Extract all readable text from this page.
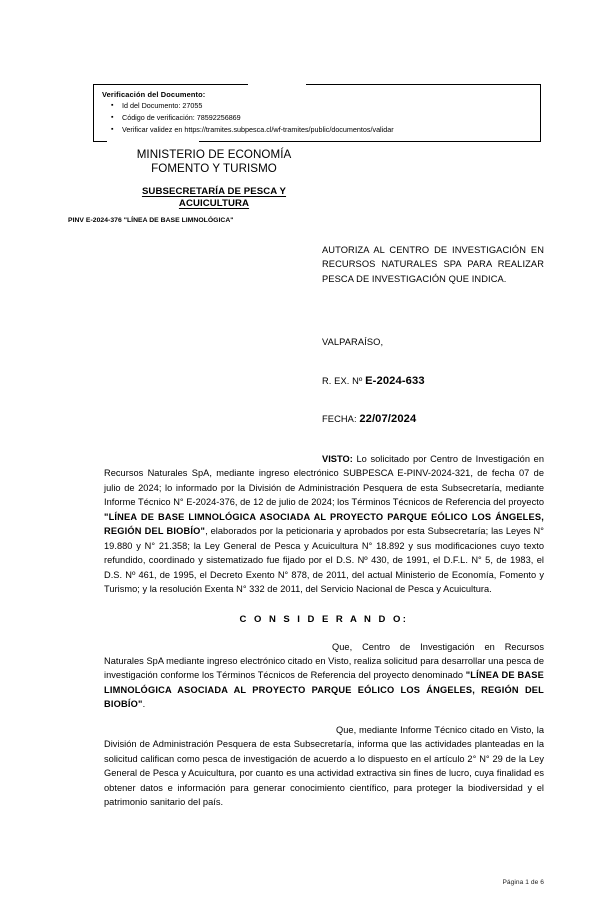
Verificación del Documento:
▪ Id del Documento: 27055
▪ Código de verificación: 78592256869
▪ Verificar validez en https://tramites.subpesca.cl/wf-tramites/public/documentos/validar
MINISTERIO DE ECONOMÍA
FOMENTO Y TURISMO
SUBSECRETARÍA DE PESCA Y
ACUICULTURA
PINV E-2024-376 "LÍNEA DE BASE LIMNOLÓGICA"
AUTORIZA AL CENTRO DE INVESTIGACIÓN EN RECURSOS NATURALES SPA PARA REALIZAR PESCA DE INVESTIGACIÓN QUE INDICA.
VALPARAÍSO,
R. EX. Nº E-2024-633
FECHA: 22/07/2024

VISTO: Lo solicitado por Centro de Investigación en Recursos Naturales SpA, mediante ingreso electrónico SUBPESCA E-PINV-2024-321, de fecha 07 de julio de 2024; lo informado por la División de Administración Pesquera de esta Subsecretaría, mediante Informe Técnico N° E-2024-376, de 12 de julio de 2024; los Términos Técnicos de Referencia del proyecto "LÍNEA DE BASE LIMNOLÓGICA ASOCIADA AL PROYECTO PARQUE EÓLICO LOS ÁNGELES, REGIÓN DEL BIOBÍO", elaborados por la peticionaria y aprobados por esta Subsecretaría; las Leyes N° 19.880 y N° 21.358; la Ley General de Pesca y Acuicultura N° 18.892 y sus modificaciones cuyo texto refundido, coordinado y sistematizado fue fijado por el D.S. Nº 430, de 1991, el D.F.L. N° 5, de 1983, el D.S. Nº 461, de 1995, el Decreto Exento N° 878, de 2011, del actual Ministerio de Economía, Fomento y Turismo; y la resolución Exenta N° 332 de 2011, del Servicio Nacional de Pesca y Acuicultura.

C O N S I D E R A N D O:

Que, Centro de Investigación en Recursos Naturales SpA mediante ingreso electrónico citado en Visto, realiza solicitud para desarrollar una pesca de investigación conforme los Términos Técnicos de Referencia del proyecto denominado "LÍNEA DE BASE LIMNOLÓGICA ASOCIADA AL PROYECTO PARQUE EÓLICO LOS ÁNGELES, REGIÓN DEL BIOBÍO".

Que, mediante Informe Técnico citado en Visto, la División de Administración Pesquera de esta Subsecretaría, informa que las actividades planteadas en la solicitud califican como pesca de investigación de acuerdo a lo dispuesto en el artículo 2° N° 29 de la Ley General de Pesca y Acuicultura, por cuanto es una actividad extractiva sin fines de lucro, cuya finalidad es obtener datos e información para generar conocimiento científico, para proteger la biodiversidad y el patrimonio sanitario del país.

Página 1 de 6
